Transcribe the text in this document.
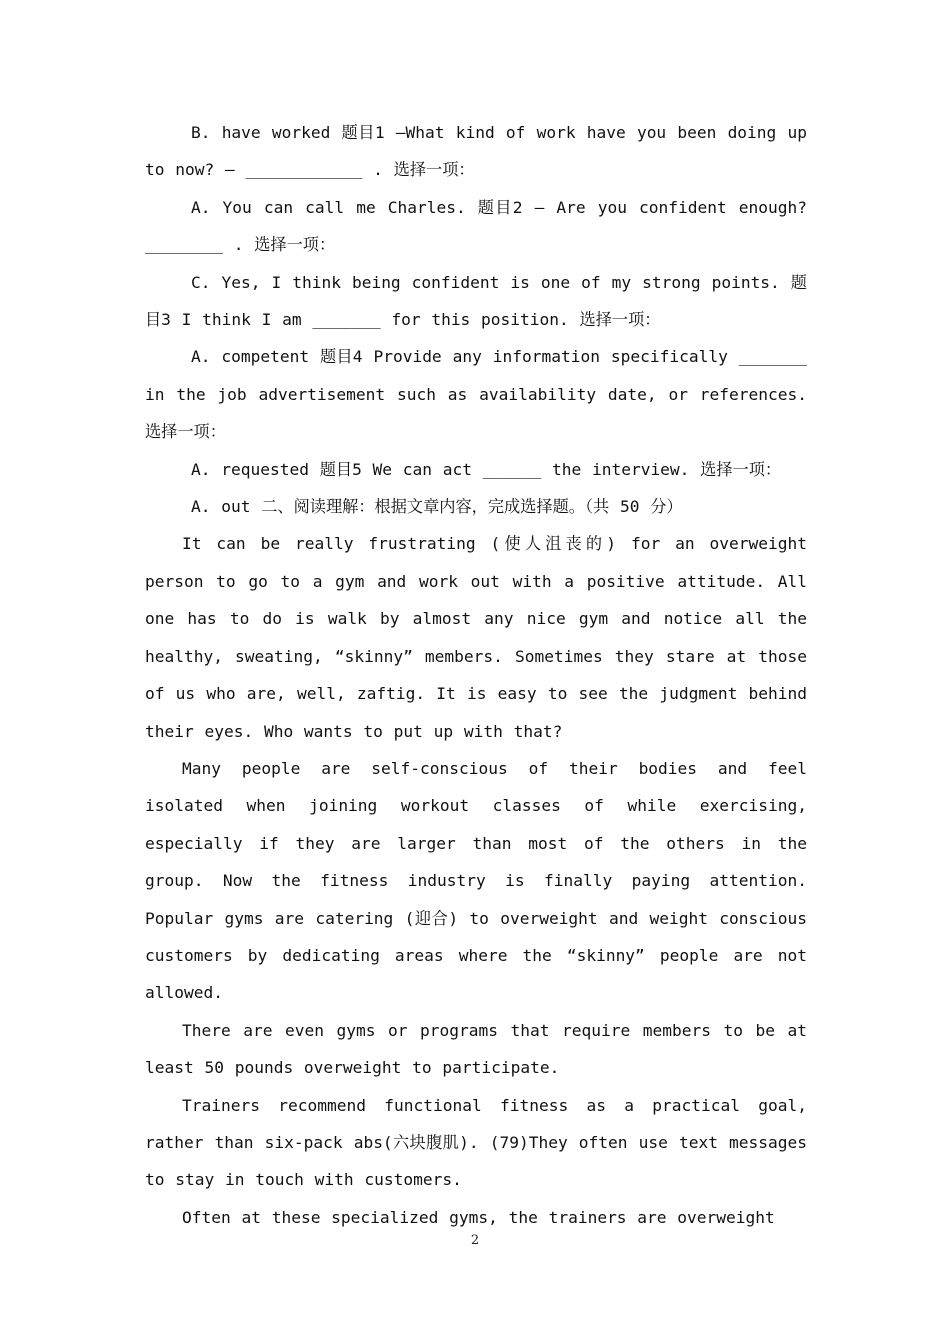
B. have worked 题目1 —What kind of work have you been doing up to now? — ____________ . 选择一项：

A. You can call me Charles. 题目2 — Are you confident enough? ________ . 选择一项：

C. Yes, I think being confident is one of my strong points. 题目3 I think I am _______ for this position. 选择一项：

A. competent 题目4 Provide any information specifically _______ in the job advertisement such as availability date, or references. 选择一项：

A. requested 题目5 We can act ______ the interview. 选择一项：

A. out 二、阅读理解：根据文章内容，完成选择题。（共 50 分）

It can be really frustrating (使人沮丧的) for an overweight person to go to a gym and work out with a positive attitude. All one has to do is walk by almost any nice gym and notice all the healthy, sweating, “skinny” members. Sometimes they stare at those of us who are, well, zaftig. It is easy to see the judgment behind their eyes. Who wants to put up with that?

Many people are self-conscious of their bodies and feel isolated when joining workout classes of while exercising, especially if they are larger than most of the others in the group. Now the fitness industry is finally paying attention. Popular gyms are catering (迎合) to overweight and weight conscious customers by dedicating areas where the “skinny” people are not allowed.

There are even gyms or programs that require members to be at least 50 pounds overweight to participate.

Trainers recommend functional fitness as a practical goal, rather than six-pack abs(六块腹肌). (79)They often use text messages to stay in touch with customers.

Often at these specialized gyms, the trainers are overweight

2
